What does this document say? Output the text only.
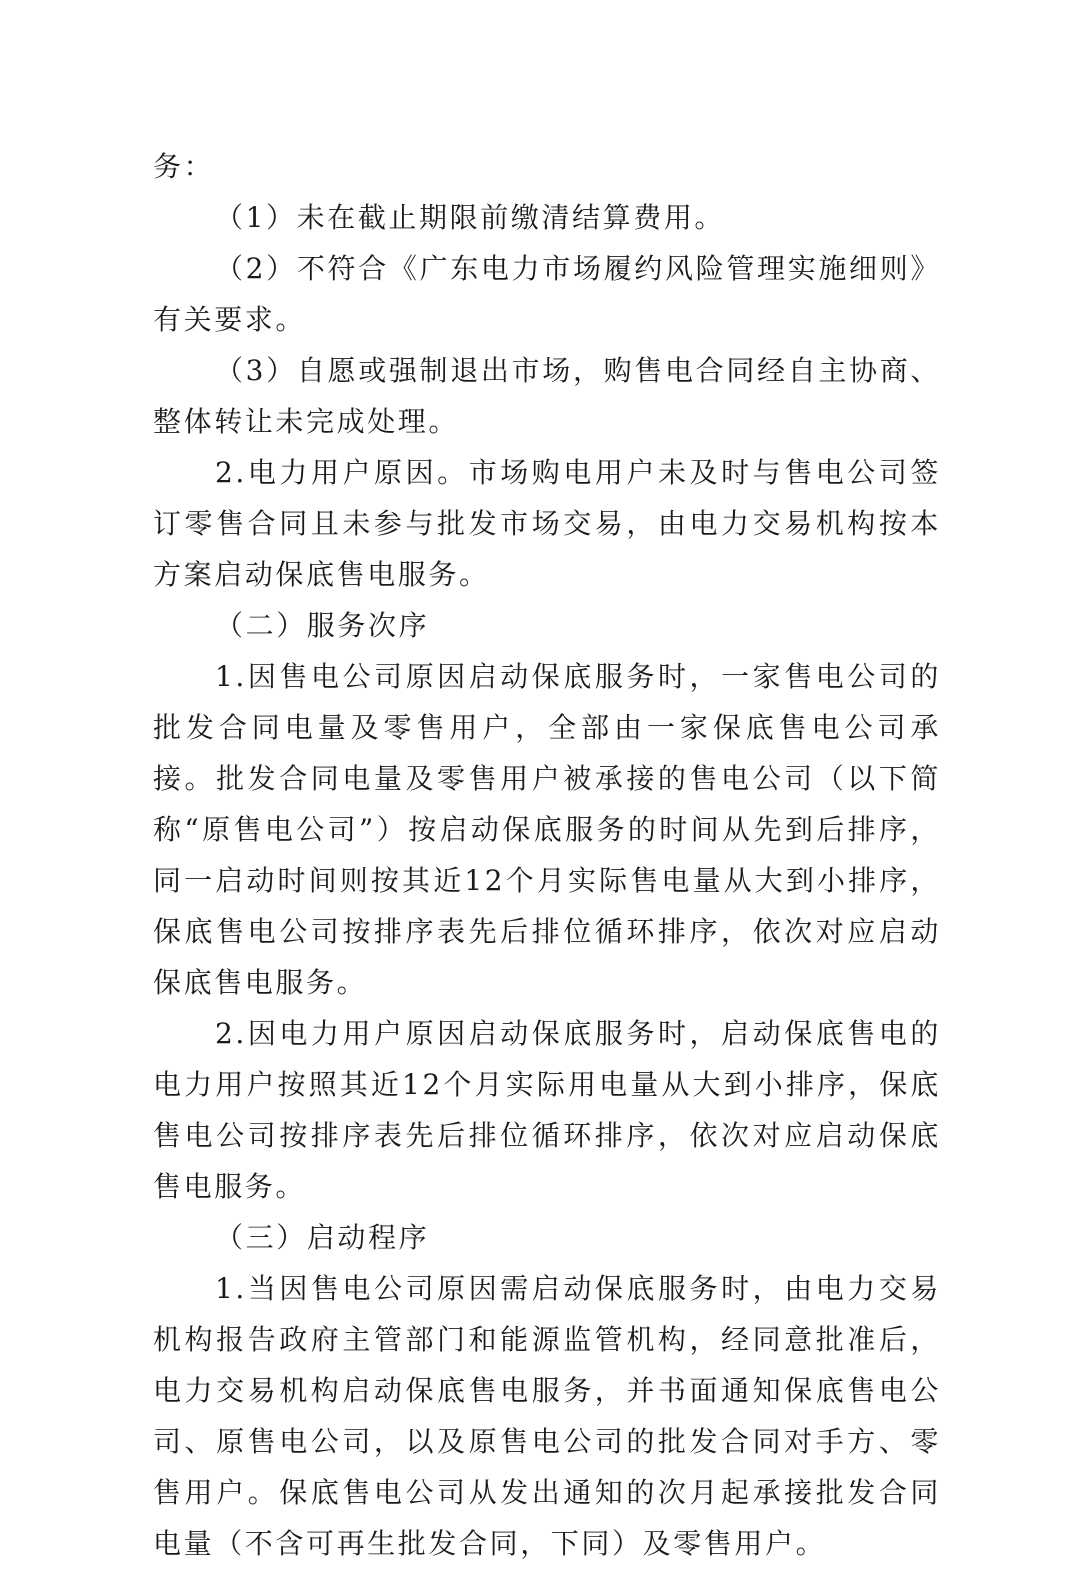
务：

（1）未在截止期限前缴清结算费用。

（2）不符合《广东电力市场履约风险管理实施细则》有关要求。

（3）自愿或强制退出市场，购售电合同经自主协商、整体转让未完成处理。

2.电力用户原因。市场购电用户未及时与售电公司签订零售合同且未参与批发市场交易，由电力交易机构按本方案启动保底售电服务。

（二）服务次序

1.因售电公司原因启动保底服务时，一家售电公司的批发合同电量及零售用户，全部由一家保底售电公司承接。批发合同电量及零售用户被承接的售电公司（以下简称“原售电公司”）按启动保底服务的时间从先到后排序，同一启动时间则按其近12个月实际售电量从大到小排序，保底售电公司按排序表先后排位循环排序，依次对应启动保底售电服务。

2.因电力用户原因启动保底服务时，启动保底售电的电力用户按照其近12个月实际用电量从大到小排序，保底售电公司按排序表先后排位循环排序，依次对应启动保底售电服务。

（三）启动程序

1.当因售电公司原因需启动保底服务时，由电力交易机构报告政府主管部门和能源监管机构，经同意批准后，电力交易机构启动保底售电服务，并书面通知保底售电公司、原售电公司，以及原售电公司的批发合同对手方、零售用户。保底售电公司从发出通知的次月起承接批发合同电量（不含可再生批发合同，下同）及零售用户。
